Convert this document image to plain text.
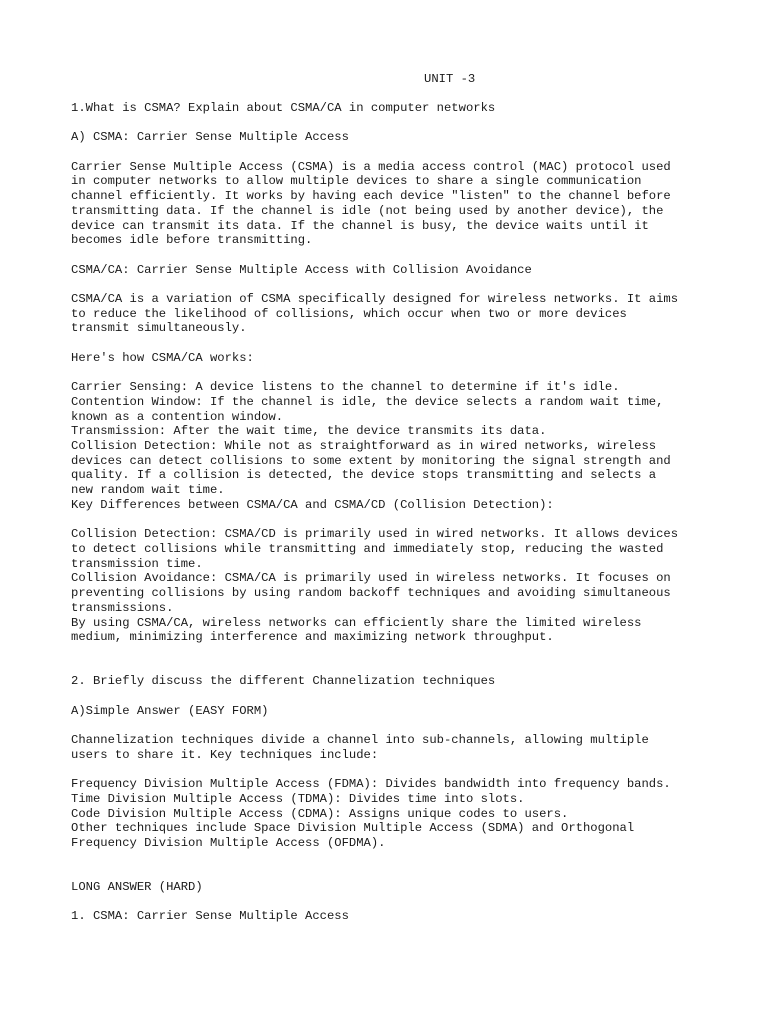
UNIT -3

1.What is CSMA? Explain about CSMA/CA in computer networks

A) CSMA: Carrier Sense Multiple Access

Carrier Sense Multiple Access (CSMA) is a media access control (MAC) protocol used

in computer networks to allow multiple devices to share a single communication

channel efficiently. It works by having each device "listen" to the channel before

transmitting data. If the channel is idle (not being used by another device), the

device can transmit its data. If the channel is busy, the device waits until it

becomes idle before transmitting.

CSMA/CA: Carrier Sense Multiple Access with Collision Avoidance

CSMA/CA is a variation of CSMA specifically designed for wireless networks. It aims

to reduce the likelihood of collisions, which occur when two or more devices

transmit simultaneously.

Here's how CSMA/CA works:

Carrier Sensing: A device listens to the channel to determine if it's idle.

Contention Window: If the channel is idle, the device selects a random wait time,

known as a contention window.

Transmission: After the wait time, the device transmits its data.

Collision Detection: While not as straightforward as in wired networks, wireless

devices can detect collisions to some extent by monitoring the signal strength and

quality. If a collision is detected, the device stops transmitting and selects a

new random wait time.

Key Differences between CSMA/CA and CSMA/CD (Collision Detection):

Collision Detection: CSMA/CD is primarily used in wired networks. It allows devices

to detect collisions while transmitting and immediately stop, reducing the wasted

transmission time.

Collision Avoidance: CSMA/CA is primarily used in wireless networks. It focuses on

preventing collisions by using random backoff techniques and avoiding simultaneous

transmissions.

By using CSMA/CA, wireless networks can efficiently share the limited wireless

medium, minimizing interference and maximizing network throughput.

2. Briefly discuss the different Channelization techniques

A)Simple Answer (EASY FORM)

Channelization techniques divide a channel into sub-channels, allowing multiple

users to share it. Key techniques include:

Frequency Division Multiple Access (FDMA): Divides bandwidth into frequency bands.

Time Division Multiple Access (TDMA): Divides time into slots.

Code Division Multiple Access (CDMA): Assigns unique codes to users.

Other techniques include Space Division Multiple Access (SDMA) and Orthogonal

Frequency Division Multiple Access (OFDMA).

LONG ANSWER (HARD)

1. CSMA: Carrier Sense Multiple Access
